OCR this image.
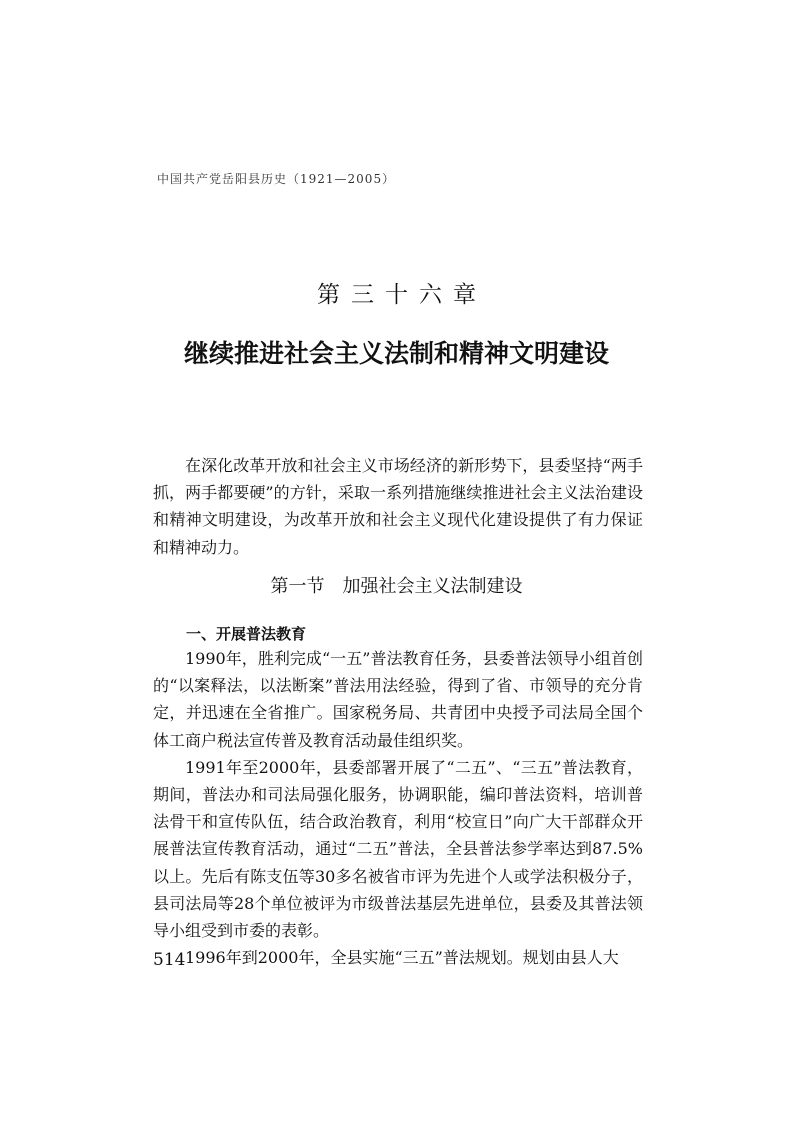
中国共产党岳阳县历史（1921—2005）
第三十六章
继续推进社会主义法制和精神文明建设

在深化改革开放和社会主义市场经济的新形势下，县委坚持“两手抓，两手都要硬”的方针，采取一系列措施继续推进社会主义法治建设和精神文明建设，为改革开放和社会主义现代化建设提供了有力保证和精神动力。

第一节　加强社会主义法制建设
一、开展普法教育

1990年，胜利完成“一五”普法教育任务，县委普法领导小组首创的“以案释法，以法断案”普法用法经验，得到了省、市领导的充分肯定，并迅速在全省推广。国家税务局、共青团中央授予司法局全国个体工商户税法宣传普及教育活动最佳组织奖。

1991年至2000年，县委部署开展了“二五”、“三五”普法教育，期间，普法办和司法局强化服务，协调职能，编印普法资料，培训普法骨干和宣传队伍，结合政治教育，利用“校宣日”向广大干部群众开展普法宣传教育活动，通过“二五”普法，全县普法参学率达到87.5%以上。先后有陈支伍等30多名被省市评为先进个人或学法积极分子，县司法局等28个单位被评为市级普法基层先进单位，县委及其普法领导小组受到市委的表彰。

1996年到2000年，全县实施“三五”普法规划。规划由县人大

514
